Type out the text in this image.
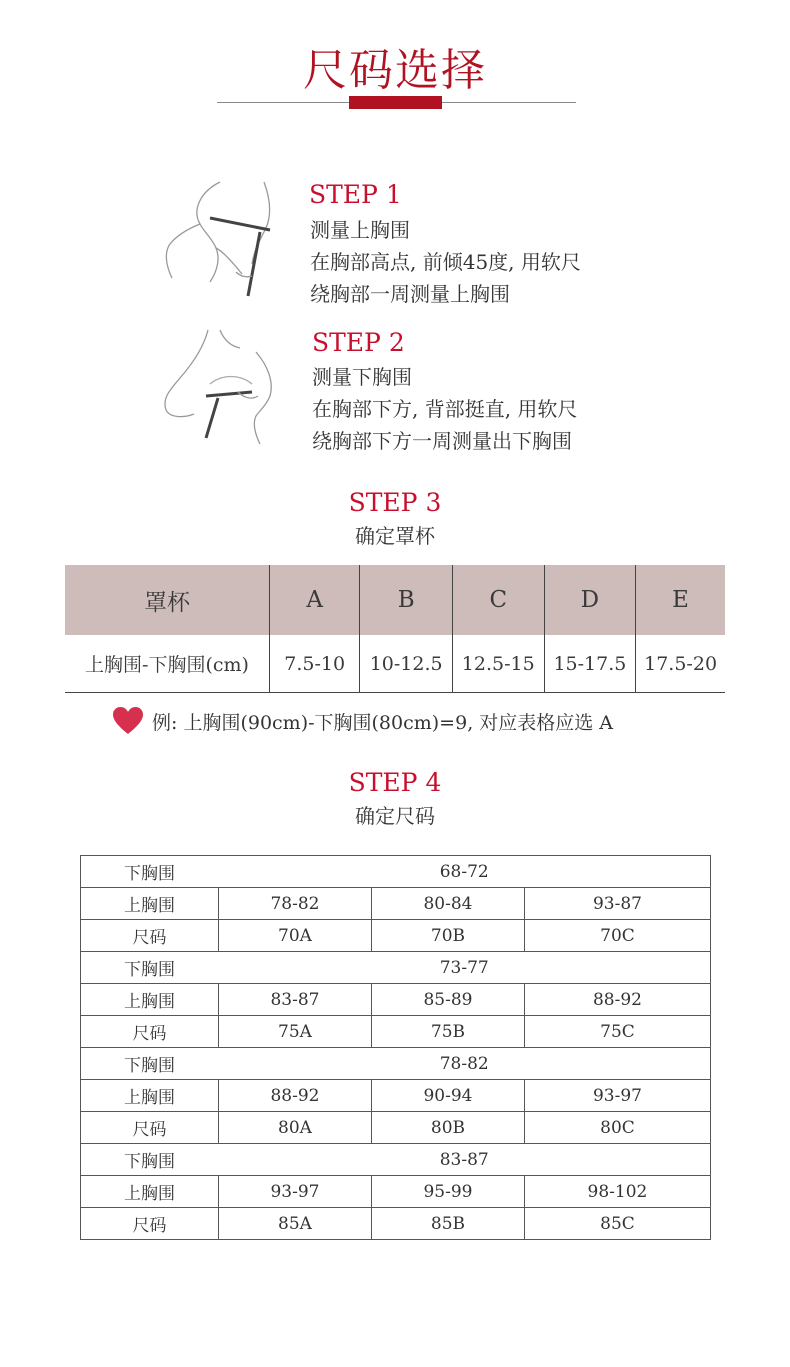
尺码选择
STEP 1
测量上胸围
在胸部高点, 前倾45度, 用软尺
绕胸部一周测量上胸围
STEP 2
测量下胸围
在胸部下方, 背部挺直, 用软尺
绕胸部下方一周测量出下胸围
STEP 3
确定罩杯
罩杯	A	B	C	D	E
上胸围-下胸围(cm)	7.5-10	10-12.5	12.5-15	15-17.5	17.5-20
例: 上胸围(90cm)-下胸围(80cm)=9, 对应表格应选 A
STEP 4
确定尺码
下胸围	68-72		
上胸围	78-82	80-84	93-87
尺码	70A	70B	70C
下胸围	73-77		
上胸围	83-87	85-89	88-92
尺码	75A	75B	75C
下胸围	78-82		
上胸围	88-92	90-94	93-97
尺码	80A	80B	80C
下胸围	83-87		
上胸围	93-97	95-99	98-102
尺码	85A	85B	85C
